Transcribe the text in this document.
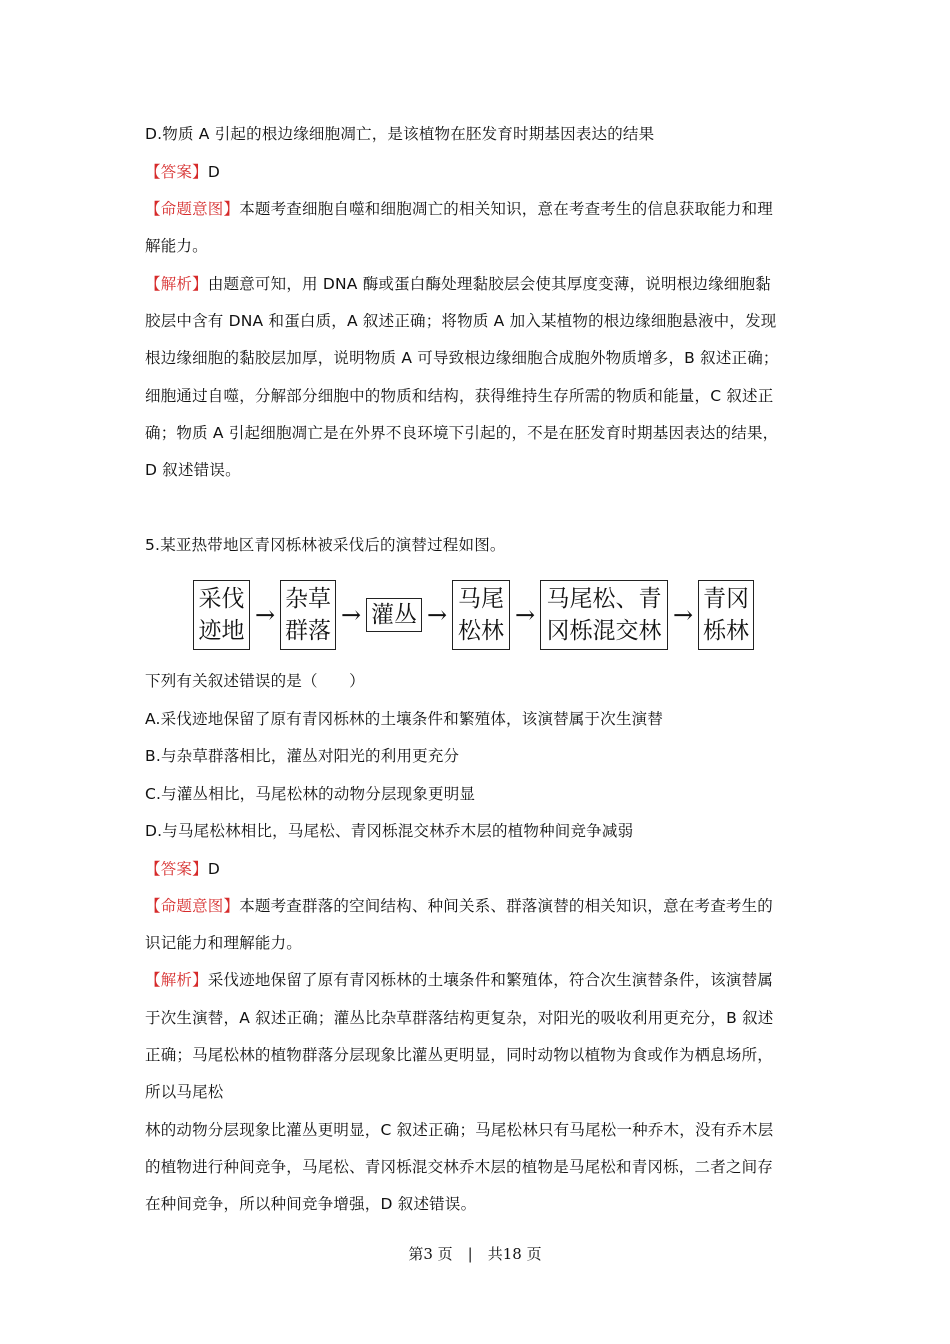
D.物质 A 引起的根边缘细胞凋亡，是该植物在胚发育时期基因表达的结果
【答案】D
【命题意图】本题考查细胞自噬和细胞凋亡的相关知识，意在考查考生的信息获取能力和理
解能力。
【解析】由题意可知，用 DNA 酶或蛋白酶处理黏胶层会使其厚度变薄，说明根边缘细胞黏
胶层中含有 DNA 和蛋白质，A 叙述正确；将物质 A 加入某植物的根边缘细胞悬液中，发现
根边缘细胞的黏胶层加厚，说明物质 A 可导致根边缘细胞合成胞外物质增多，B 叙述正确；
细胞通过自噬，分解部分细胞中的物质和结构，获得维持生存所需的物质和能量，C 叙述正
确；物质 A 引起细胞凋亡是在外界不良环境下引起的，不是在胚发育时期基因表达的结果，
D 叙述错误。
5.某亚热带地区青冈栎林被采伐后的演替过程如图。
采伐
迹地
→
杂草
群落
→ 灌丛 →
马尾
松林
→
马尾松、青
冈栎混交林
→
青冈
栎林
下列有关叙述错误的是（　　）
A.采伐迹地保留了原有青冈栎林的土壤条件和繁殖体，该演替属于次生演替
B.与杂草群落相比，灌丛对阳光的利用更充分
C.与灌丛相比，马尾松林的动物分层现象更明显
D.与马尾松林相比，马尾松、青冈栎混交林乔木层的植物种间竞争减弱
【答案】D
【命题意图】本题考查群落的空间结构、种间关系、群落演替的相关知识，意在考查考生的
识记能力和理解能力。
【解析】采伐迹地保留了原有青冈栎林的土壤条件和繁殖体，符合次生演替条件，该演替属
于次生演替，A 叙述正确；灌丛比杂草群落结构更复杂，对阳光的吸收利用更充分，B 叙述
正确；马尾松林的植物群落分层现象比灌丛更明显，同时动物以植物为食或作为栖息场所，
所以马尾松
林的动物分层现象比灌丛更明显，C 叙述正确；马尾松林只有马尾松一种乔木，没有乔木层
的植物进行种间竞争，马尾松、青冈栎混交林乔木层的植物是马尾松和青冈栎，二者之间存
在种间竞争，所以种间竞争增强，D 叙述错误。
第3 页　|　共18 页
